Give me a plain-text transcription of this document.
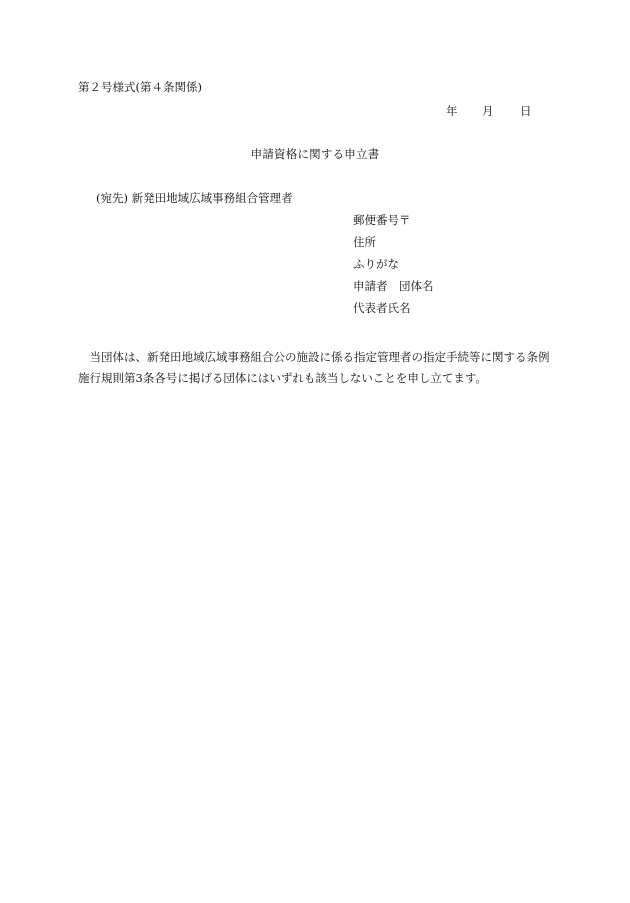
第２号様式(第４条関係)
年	月	日
申請資格に関する申立書
(宛先) 新発田地域広域事務組合管理者
郵便番号〒
住所
ふりがな
申請者　団体名
代表者氏名
当団体は、新発田地域広域事務組合公の施設に係る指定管理者の指定手続等に関する条例施行規則第3条各号に掲げる団体にはいずれも該当しないことを申し立てます。
